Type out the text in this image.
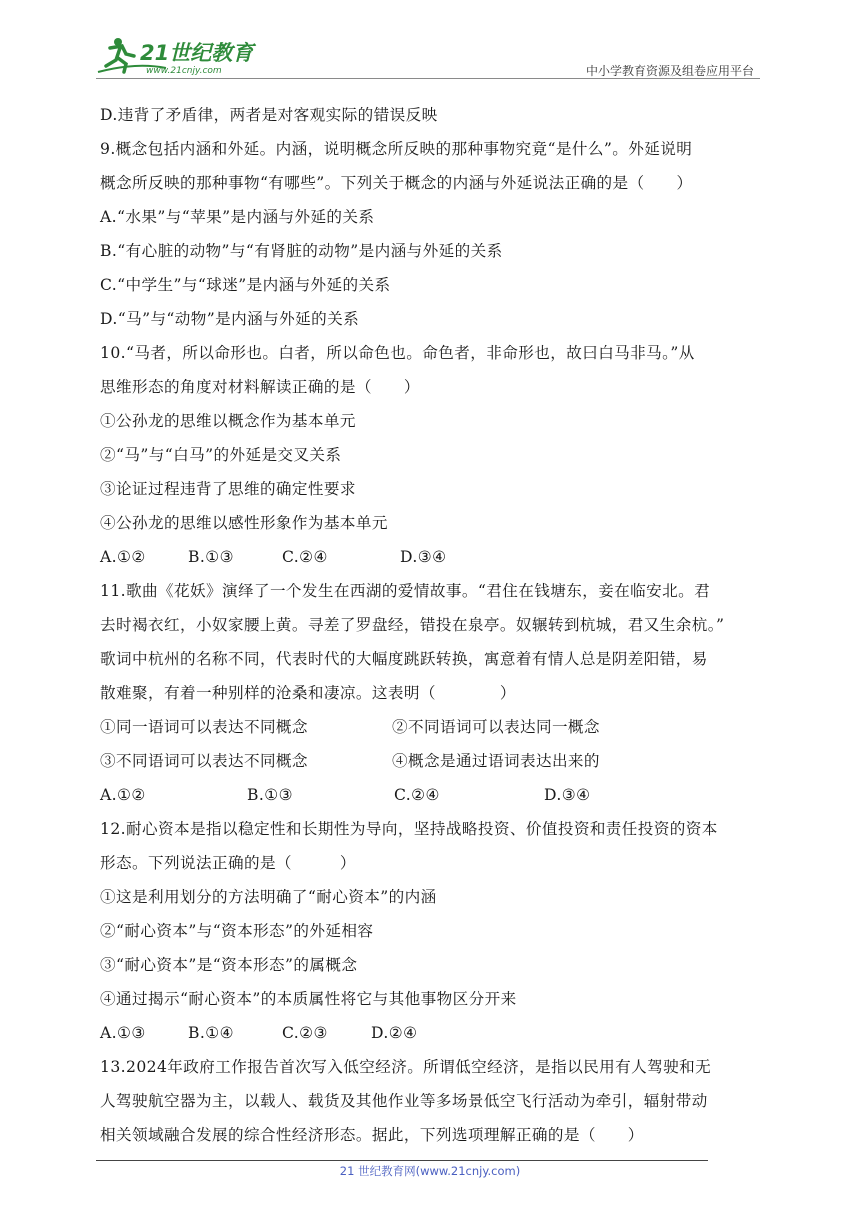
21世纪教育
www.21cnjy.com	中小学教育资源及组卷应用平台
D.违背了矛盾律，两者是对客观实际的错误反映
9.概念包括内涵和外延。内涵，说明概念所反映的那种事物究竟“是什么”。外延说明
概念所反映的那种事物“有哪些”。下列关于概念的内涵与外延说法正确的是（　　）
A.“水果”与“苹果”是内涵与外延的关系
B.“有心脏的动物”与“有肾脏的动物”是内涵与外延的关系
C.“中学生”与“球迷”是内涵与外延的关系
D.“马”与“动物”是内涵与外延的关系
10.“马者，所以命形也。白者，所以命色也。命色者，非命形也，故曰白马非马。”从
思维形态的角度对材料解读正确的是（　　）
①公孙龙的思维以概念作为基本单元
②“马”与“白马”的外延是交叉关系
③论证过程违背了思维的确定性要求
④公孙龙的思维以感性形象作为基本单元
A.①②	B.①③	C.②④	D.③④
11.歌曲《花妖》演绎了一个发生在西湖的爱情故事。“君住在钱塘东，妾在临安北。君
去时褐衣红，小奴家腰上黄。寻差了罗盘经，错投在泉亭。奴辗转到杭城，君又生余杭。”
歌词中杭州的名称不同，代表时代的大幅度跳跃转换，寓意着有情人总是阴差阳错，易
散难聚，有着一种别样的沧桑和凄凉。这表明（　　　　）
①同一语词可以表达不同概念	②不同语词可以表达同一概念
③不同语词可以表达不同概念	④概念是通过语词表达出来的
A.①②	B.①③	C.②④	D.③④
12.耐心资本是指以稳定性和长期性为导向，坚持战略投资、价值投资和责任投资的资本
形态。下列说法正确的是（　　　）
①这是利用划分的方法明确了“耐心资本”的内涵
②“耐心资本”与“资本形态”的外延相容
③“耐心资本”是“资本形态”的属概念
④通过揭示“耐心资本”的本质属性将它与其他事物区分开来
A.①③	B.①④	C.②③	D.②④
13.2024年政府工作报告首次写入低空经济。所谓低空经济，是指以民用有人驾驶和无
人驾驶航空器为主，以载人、载货及其他作业等多场景低空飞行活动为牵引，辐射带动
相关领域融合发展的综合性经济形态。据此，下列选项理解正确的是（　　）
21 世纪教育网(www.21cnjy.com)
